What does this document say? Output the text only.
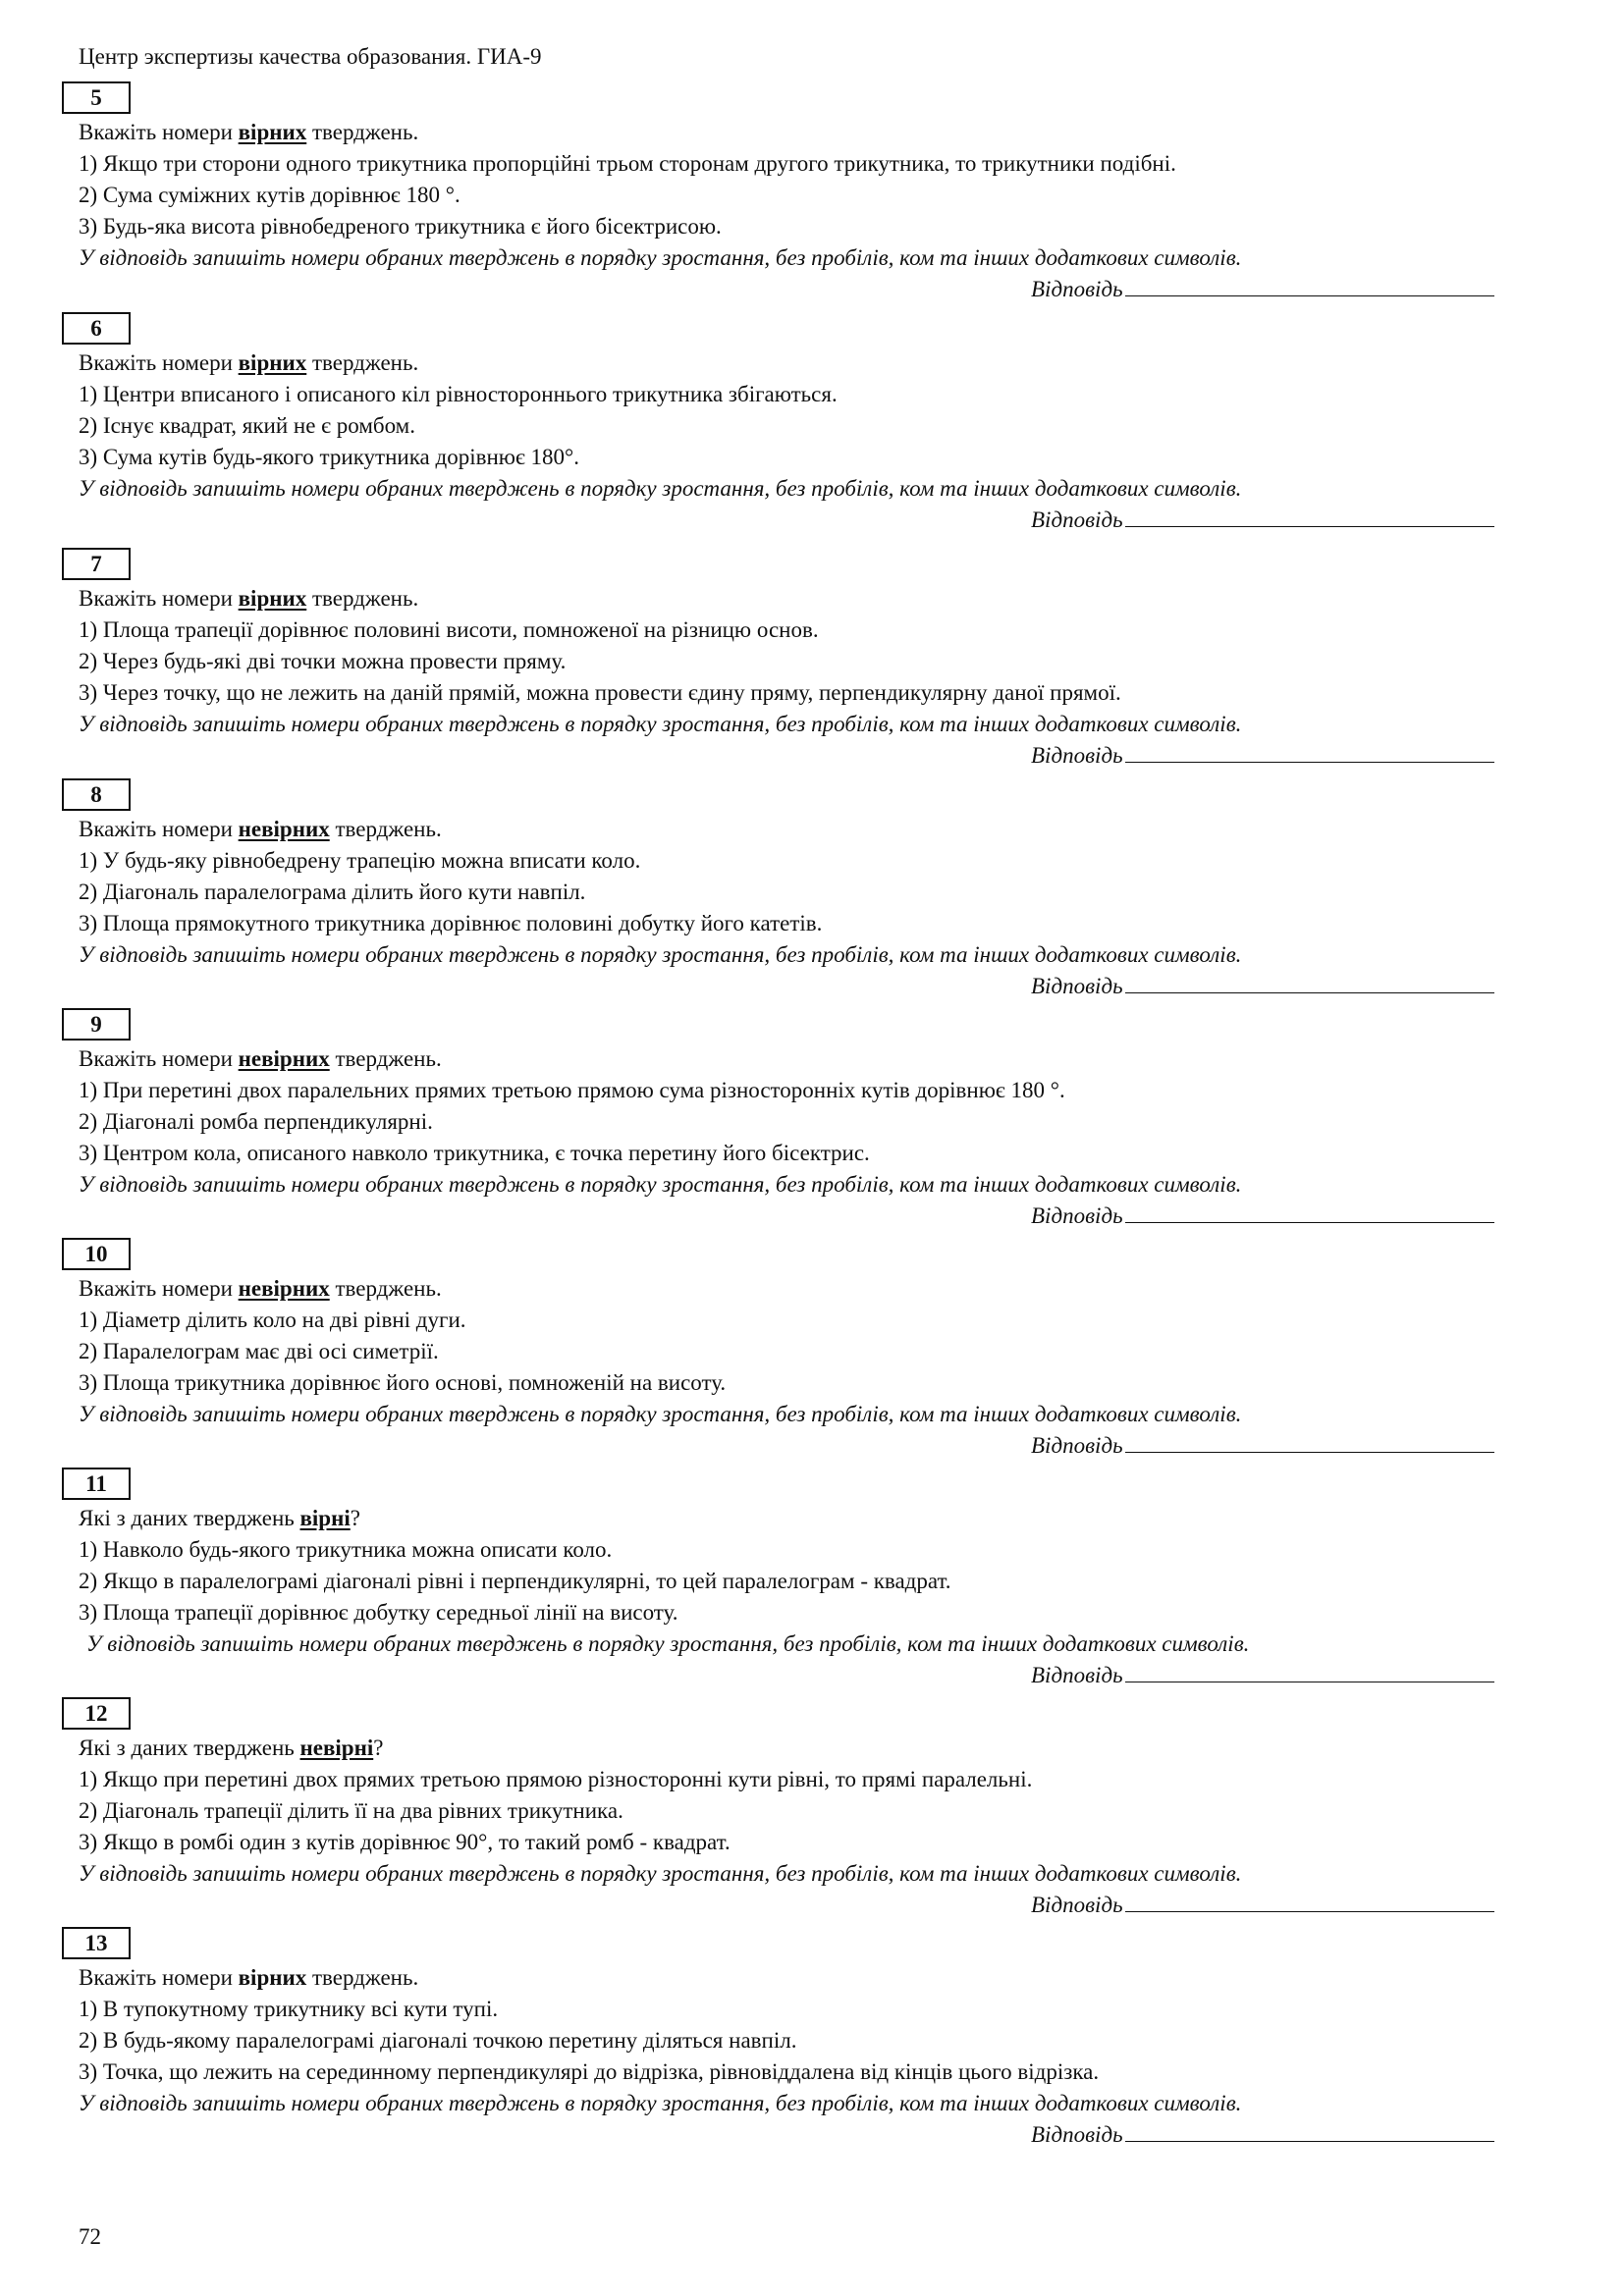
Центр экспертизы качества образования. ГИА-9
5
Вкажіть номери вірних тверджень.
1) Якщо три сторони одного трикутника пропорційні трьом сторонам другого трикутника, то трикутники подібні.
2) Сума суміжних кутів дорівнює 180 °.
3) Будь-яка висота рівнобедреного трикутника є його бісектрисою.
У відповідь запишіть номери обраних тверджень в порядку зростання, без пробілів, ком та інших додаткових символів.
Відповідь
6
Вкажіть номери вірних тверджень.
1) Центри вписаного і описаного кіл рівностороннього трикутника збігаються.
2) Існує квадрат, який не є ромбом.
3) Сума кутів будь-якого трикутника дорівнює 180°.
У відповідь запишіть номери обраних тверджень в порядку зростання, без пробілів, ком та інших додаткових символів.
Відповідь
7
Вкажіть номери вірних тверджень.
1) Площа трапеції дорівнює половині висоти, помноженої на різницю основ.
2) Через будь-які дві точки можна провести пряму.
3) Через точку, що не лежить на даній прямій, можна провести єдину пряму, перпендикулярну даної прямої.
У відповідь запишіть номери обраних тверджень в порядку зростання, без пробілів, ком та інших додаткових символів.
Відповідь
8
Вкажіть номери невірних тверджень.
1) У будь-яку рівнобедрену трапецію можна вписати коло.
2) Діагональ паралелограма ділить його кути навпіл.
3) Площа прямокутного трикутника дорівнює половині добутку його катетів.
У відповідь запишіть номери обраних тверджень в порядку зростання, без пробілів, ком та інших додаткових символів.
Відповідь
9
Вкажіть номери невірних тверджень.
1) При перетині двох паралельних прямих третьою прямою сума різносторонніх кутів дорівнює 180 °.
2) Діагоналі ромба перпендикулярні.
3) Центром кола, описаного навколо трикутника, є точка перетину його бісектрис.
У відповідь запишіть номери обраних тверджень в порядку зростання, без пробілів, ком та інших додаткових символів.
Відповідь
10
Вкажіть номери невірних тверджень.
1) Діаметр ділить коло на дві рівні дуги.
2) Паралелограм має дві осі симетрії.
3) Площа трикутника дорівнює його основі, помноженій на висоту.
У відповідь запишіть номери обраних тверджень в порядку зростання, без пробілів, ком та інших додаткових символів.
Відповідь
11
Які з даних тверджень вірні?
1) Навколо будь-якого трикутника можна описати коло.
2) Якщо в паралелограмі діагоналі рівні і перпендикулярні, то цей паралелограм - квадрат.
3) Площа трапеції дорівнює добутку середньої лінії на висоту.
У відповідь запишіть номери обраних тверджень в порядку зростання, без пробілів, ком та інших додаткових символів.
Відповідь
12
Які з даних тверджень невірні?
1) Якщо при перетині двох прямих третьою прямою різносторонні кути рівні, то прямі паралельні.
2) Діагональ трапеції ділить її на два рівних трикутника.
3) Якщо в ромбі один з кутів дорівнює 90°, то такий ромб - квадрат.
У відповідь запишіть номери обраних тверджень в порядку зростання, без пробілів, ком та інших додаткових символів.
Відповідь
13
Вкажіть номери вірних тверджень.
1) В тупокутному трикутнику всі кути тупі.
2) В будь-якому паралелограмі діагоналі точкою перетину діляться навпіл.
3) Точка, що лежить на серединному перпендикулярі до відрізка, рівновіддалена від кінців цього відрізка.
У відповідь запишіть номери обраних тверджень в порядку зростання, без пробілів, ком та інших додаткових символів.
Відповідь
72
